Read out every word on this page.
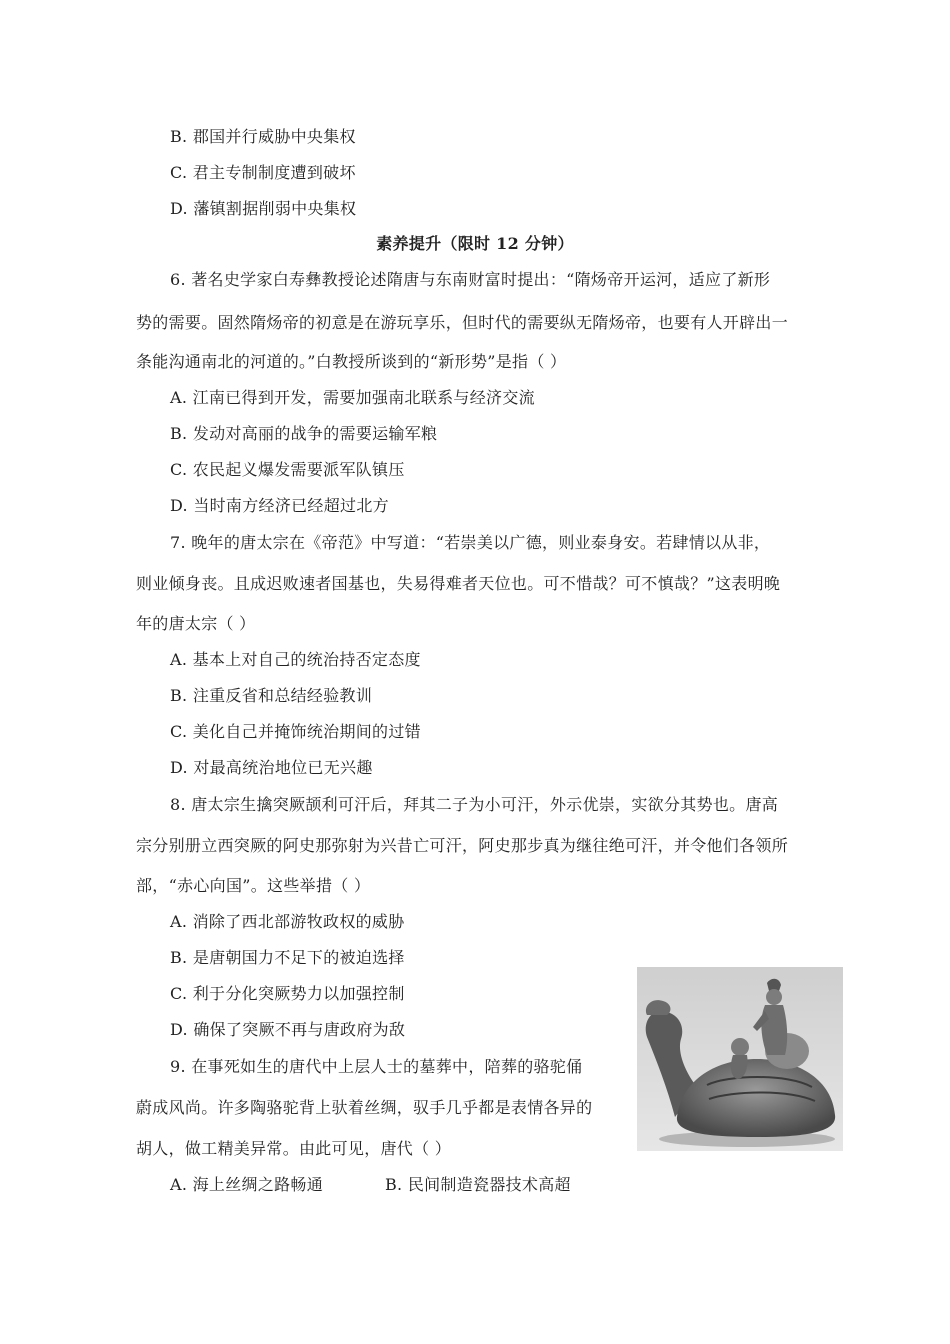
B. 郡国并行威胁中央集权
C. 君主专制制度遭到破坏
D. 藩镇割据削弱中央集权
素养提升（限时 12 分钟）
6. 著名史学家白寿彝教授论述隋唐与东南财富时提出：“隋炀帝开运河，适应了新形
势的需要。固然隋炀帝的初意是在游玩享乐，但时代的需要纵无隋炀帝，也要有人开辟出一
条能沟通南北的河道的。”白教授所谈到的“新形势”是指（ ）
A. 江南已得到开发，需要加强南北联系与经济交流
B. 发动对高丽的战争的需要运输军粮
C. 农民起义爆发需要派军队镇压
D. 当时南方经济已经超过北方
7. 晚年的唐太宗在《帝范》中写道：“若崇美以广德，则业泰身安。若肆情以从非，
则业倾身丧。且成迟败速者国基也，失易得难者天位也。可不惜哉？可不慎哉？”这表明晚
年的唐太宗（ ）
A. 基本上对自己的统治持否定态度
B. 注重反省和总结经验教训
C. 美化自己并掩饰统治期间的过错
D. 对最高统治地位已无兴趣
8. 唐太宗生擒突厥颉利可汗后，拜其二子为小可汗，外示优崇，实欲分其势也。唐高
宗分别册立西突厥的阿史那弥射为兴昔亡可汗，阿史那步真为继往绝可汗，并令他们各领所
部，“赤心向国”。这些举措（ ）
A. 消除了西北部游牧政权的威胁
B. 是唐朝国力不足下的被迫选择
C. 利于分化突厥势力以加强控制
D. 确保了突厥不再与唐政府为敌
9. 在事死如生的唐代中上层人士的墓葬中，陪葬的骆驼俑
蔚成风尚。许多陶骆驼背上驮着丝绸，驭手几乎都是表情各异的
胡人，做工精美异常。由此可见，唐代（ ）
A. 海上丝绸之路畅通	B. 民间制造瓷器技术高超
